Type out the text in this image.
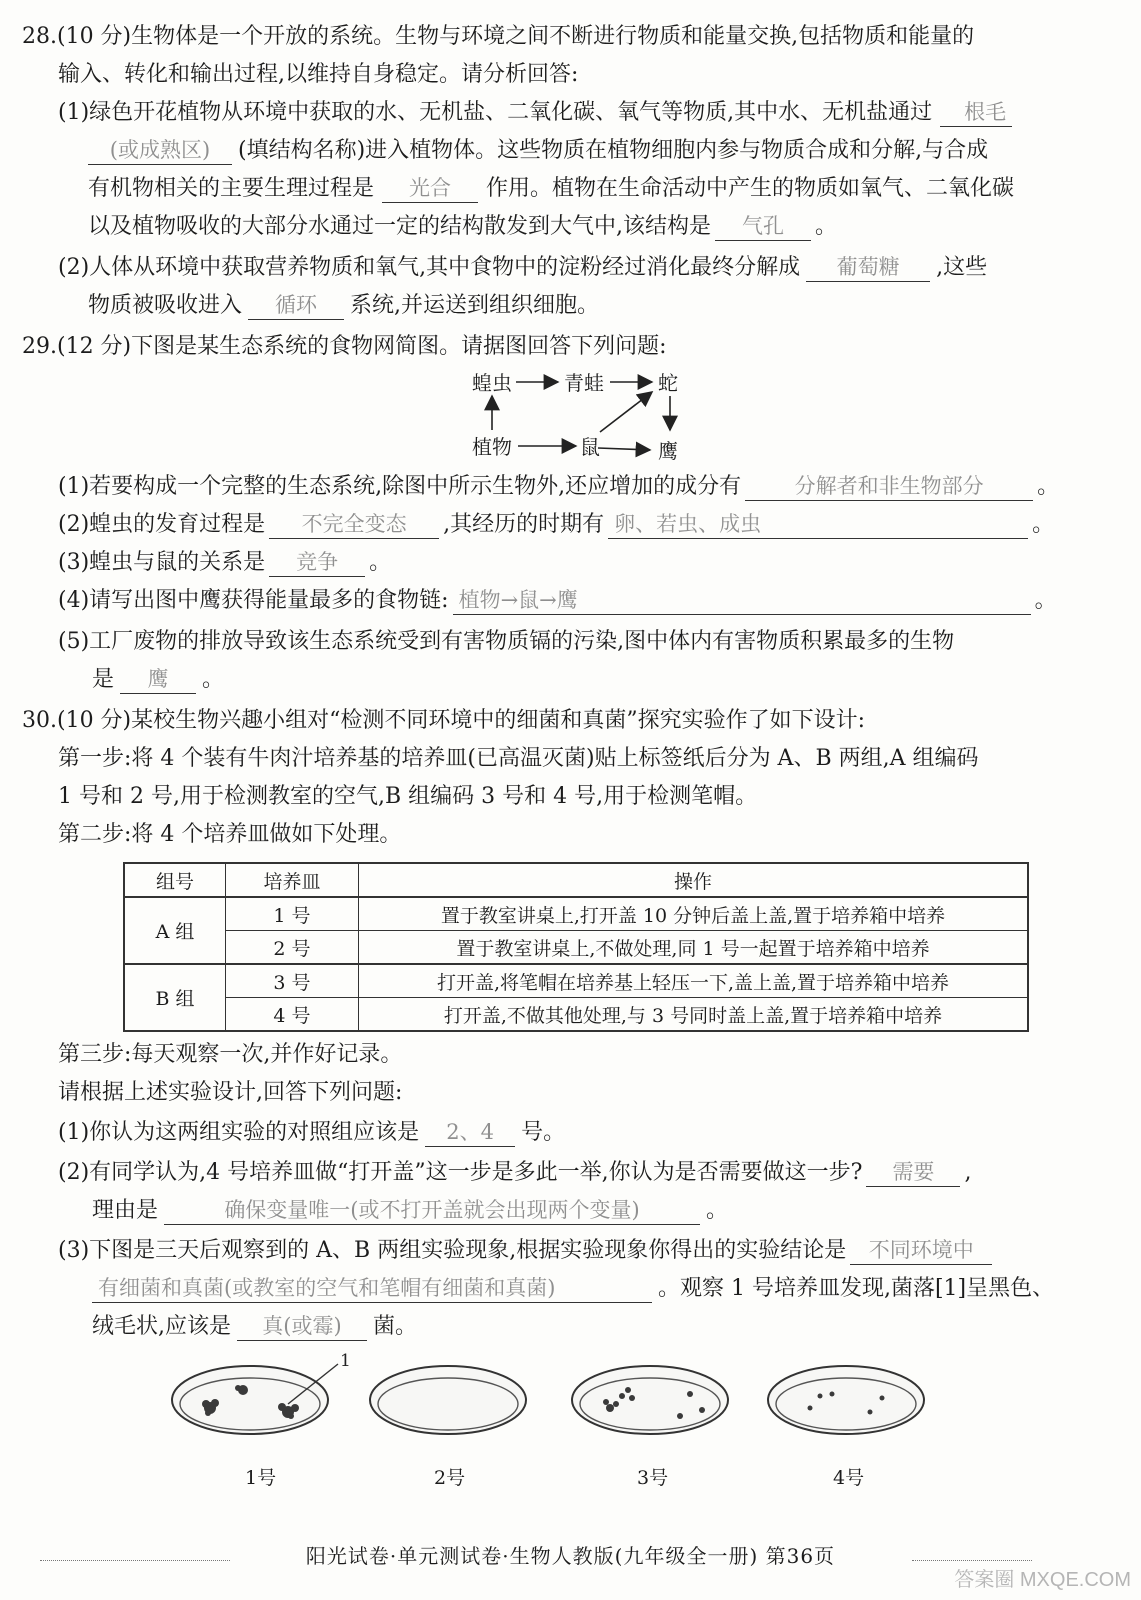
28.(10 分)生物体是一个开放的系统。生物与环境之间不断进行物质和能量交换,包括物质和能量的
输入、转化和输出过程,以维持自身稳定。请分析回答:
(1)绿色开花植物从环境中获取的水、无机盐、二氧化碳、氧气等物质,其中水、无机盐通过 根毛
(或成熟区) (填结构名称)进入植物体。这些物质在植物细胞内参与物质合成和分解,与合成
有机物相关的主要生理过程是 光合 作用。植物在生命活动中产生的物质如氧气、二氧化碳
以及植物吸收的大部分水通过一定的结构散发到大气中,该结构是 气孔 。
(2)人体从环境中获取营养物质和氧气,其中食物中的淀粉经过消化最终分解成 葡萄糖 ,这些
物质被吸收进入 循环 系统,并运送到组织细胞。
29.(12 分)下图是某生态系统的食物网简图。请据图回答下列问题:
蝗虫	青蛙	蛇
植物	鼠	鹰
(1)若要构成一个完整的生态系统,除图中所示生物外,还应增加的成分有	分解者和非生物部分 。
(2)蝗虫的发育过程是 不完全变态 ,其经历的时期有 卵、若虫、成虫	。
(3)蝗虫与鼠的关系是 竞争 。
(4)请写出图中鹰获得能量最多的食物链: 植物→鼠→鹰	。
(5)工厂废物的排放导致该生态系统受到有害物质镉的污染,图中体内有害物质积累最多的生物
是 鹰 。
30.(10 分)某校生物兴趣小组对“检测不同环境中的细菌和真菌”探究实验作了如下设计:
第一步:将 4 个装有牛肉汁培养基的培养皿(已高温灭菌)贴上标签纸后分为 A、B 两组,A 组编码
1 号和 2 号,用于检测教室的空气,B 组编码 3 号和 4 号,用于检测笔帽。
第二步:将 4 个培养皿做如下处理。
组号	培养皿	操作
A 组	1 号	置于教室讲桌上,打开盖 10 分钟后盖上盖,置于培养箱中培养
	2 号	置于教室讲桌上,不做处理,同 1 号一起置于培养箱中培养
B 组	3 号	打开盖,将笔帽在培养基上轻压一下,盖上盖,置于培养箱中培养
	4 号	打开盖,不做其他处理,与 3 号同时盖上盖,置于培养箱中培养
第三步:每天观察一次,并作好记录。
请根据上述实验设计,回答下列问题:
(1)你认为这两组实验的对照组应该是 2、4 号。
(2)有同学认为,4 号培养皿做“打开盖”这一步是多此一举,你认为是否需要做这一步? 需要 ,
理由是	确保变量唯一(或不打开盖就会出现两个变量)	。
(3)下图是三天后观察到的 A、B 两组实验现象,根据实验现象你得出的实验结论是 不同环境中
有细菌和真菌(或教室的空气和笔帽有细菌和真菌)	。观察 1 号培养皿发现,菌落[1]呈黑色、
绒毛状,应该是 真(或霉) 菌。
1
1号	2号	3号	4号
阳光试卷·单元测试卷·生物人教版(九年级全一册) 第36页
答案圈 MXQE.COM
